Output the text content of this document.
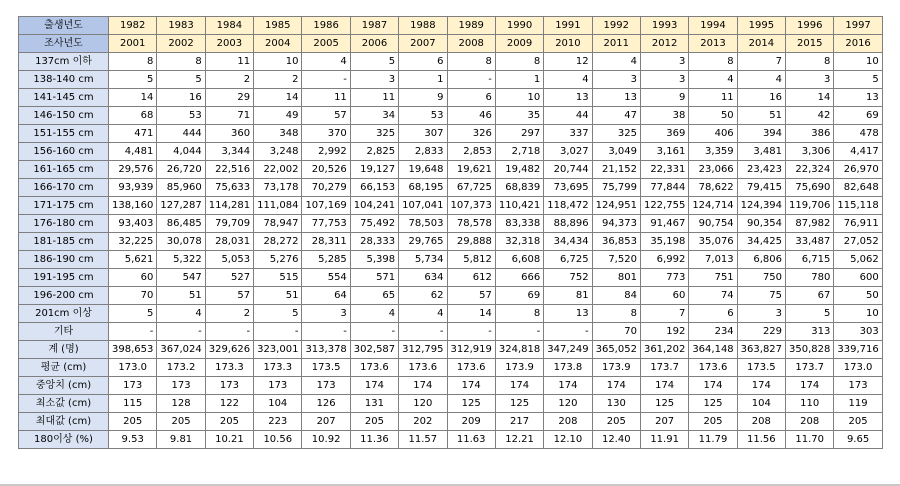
출생년도	1982	1983	1984	1985	1986	1987	1988	1989	1990	1991	1992	1993	1994	1995	1996	1997
조사년도	2001	2002	2003	2004	2005	2006	2007	2008	2009	2010	2011	2012	2013	2014	2015	2016
137cm 이하	8	8	11	10	4	5	6	8	8	12	4	3	8	7	8	10
138-140 cm	5	5	2	2	-	3	1	-	1	4	3	3	4	4	3	5
141-145 cm	14	16	29	14	11	11	9	6	10	13	13	9	11	16	14	13
146-150 cm	68	53	71	49	57	34	53	46	35	44	47	38	50	51	42	69
151-155 cm	471	444	360	348	370	325	307	326	297	337	325	369	406	394	386	478
156-160 cm	4,481	4,044	3,344	3,248	2,992	2,825	2,833	2,853	2,718	3,027	3,049	3,161	3,359	3,481	3,306	4,417
161-165 cm	29,576	26,720	22,516	22,002	20,526	19,127	19,648	19,621	19,482	20,744	21,152	22,331	23,066	23,423	22,324	26,970
166-170 cm	93,939	85,960	75,633	73,178	70,279	66,153	68,195	67,725	68,839	73,695	75,799	77,844	78,622	79,415	75,690	82,648
171-175 cm	138,160	127,287	114,281	111,084	107,169	104,241	107,041	107,373	110,421	118,472	124,951	122,755	124,714	124,394	119,706	115,118
176-180 cm	93,403	86,485	79,709	78,947	77,753	75,492	78,503	78,578	83,338	88,896	94,373	91,467	90,754	90,354	87,982	76,911
181-185 cm	32,225	30,078	28,031	28,272	28,311	28,333	29,765	29,888	32,318	34,434	36,853	35,198	35,076	34,425	33,487	27,052
186-190 cm	5,621	5,322	5,053	5,276	5,285	5,398	5,734	5,812	6,608	6,725	7,520	6,992	7,013	6,806	6,715	5,062
191-195 cm	60	547	527	515	554	571	634	612	666	752	801	773	751	750	780	600
196-200 cm	70	51	57	51	64	65	62	57	69	81	84	60	74	75	67	50
201cm 이상	5	4	2	5	3	4	4	14	8	13	8	7	6	3	5	10
기타	-	-	-	-	-	-	-	-	-	-	70	192	234	229	313	303
계 (명)	398,653	367,024	329,626	323,001	313,378	302,587	312,795	312,919	324,818	347,249	365,052	361,202	364,148	363,827	350,828	339,716
평균 (cm)	173.0	173.2	173.3	173.3	173.5	173.6	173.6	173.6	173.9	173.8	173.9	173.7	173.6	173.5	173.7	173.0
중앙치 (cm)	173	173	173	173	173	174	174	174	174	174	174	174	174	174	174	173
최소값 (cm)	115	128	122	104	126	131	120	125	125	120	130	125	125	104	110	119
최대값 (cm)	205	205	205	223	207	205	202	209	217	208	205	207	205	208	208	205
180이상 (%)	9.53	9.81	10.21	10.56	10.92	11.36	11.57	11.63	12.21	12.10	12.40	11.91	11.79	11.56	11.70	9.65
